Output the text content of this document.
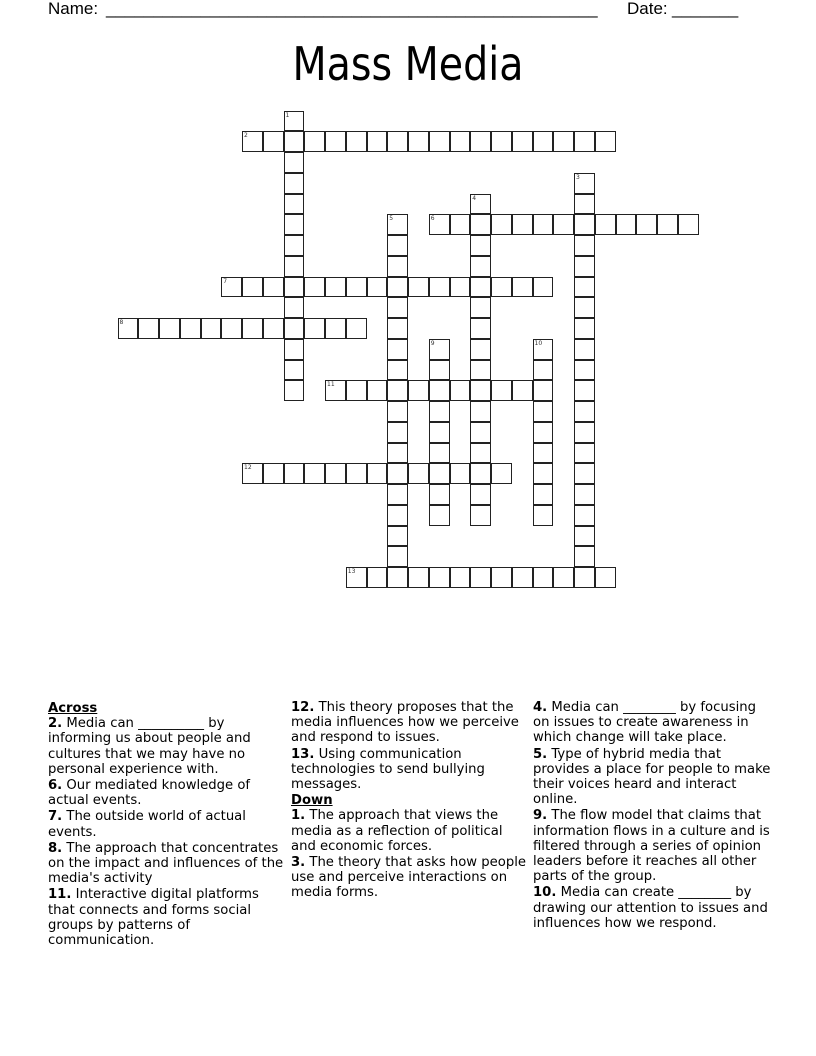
Name: ____________________________________________________ Date: _______
Mass Media
1
2
3
4
5	6
7
8
9	10
11
12
13
Across
2. Media can __________ by informing us about people and cultures that we may have no personal experience with.
6. Our mediated knowledge of actual events.
7. The outside world of actual events.
8. The approach that concentrates on the impact and influences of the media's activity
11. Interactive digital platforms that connects and forms social groups by patterns of communication.
12. This theory proposes that the media influences how we perceive and respond to issues.
13. Using communication technologies to send bullying messages.
Down
1. The approach that views the media as a reflection of political and economic forces.
3. The theory that asks how people use and perceive interactions on media forms.
4. Media can ________ by focusing on issues to create awareness in which change will take place.
5. Type of hybrid media that provides a place for people to make their voices heard and interact online.
9. The flow model that claims that information flows in a culture and is filtered through a series of opinion leaders before it reaches all other parts of the group.
10. Media can create ________ by drawing our attention to issues and influences how we respond.
